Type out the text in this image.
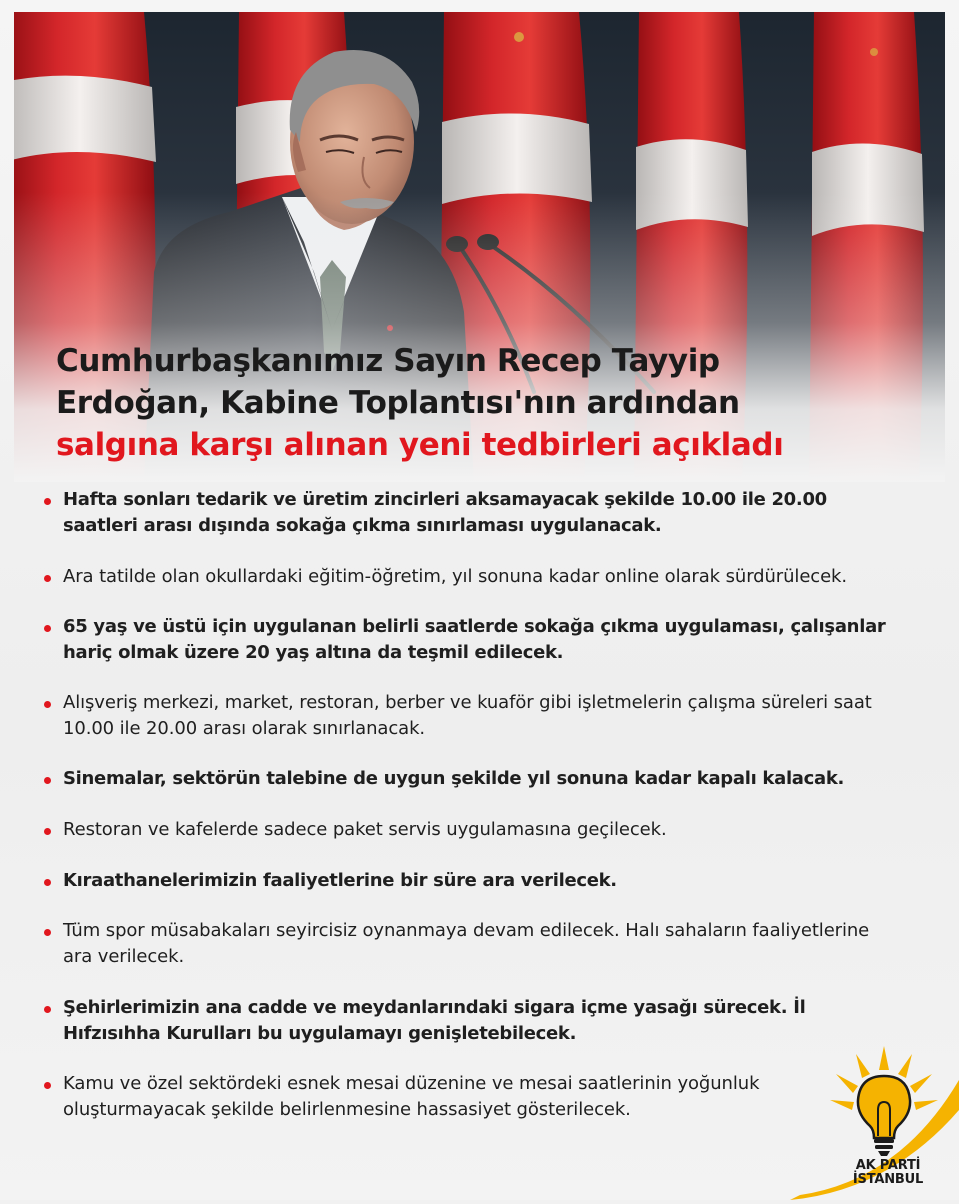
Cumhurbaşkanımız Sayın Recep Tayyip
Erdoğan, Kabine Toplantısı'nın ardından
salgına karşı alınan yeni tedbirleri açıkladı
Hafta sonları tedarik ve üretim zincirleri aksamayacak şekilde 10.00 ile 20.00 saatleri arası dışında sokağa çıkma sınırlaması uygulanacak.
Ara tatilde olan okullardaki eğitim-öğretim, yıl sonuna kadar online olarak sürdürülecek.
65 yaş ve üstü için uygulanan belirli saatlerde sokağa çıkma uygulaması, çalışanlar hariç olmak üzere 20 yaş altına da teşmil edilecek.
Alışveriş merkezi, market, restoran, berber ve kuaför gibi işletmelerin çalışma süreleri saat 10.00 ile 20.00 arası olarak sınırlanacak.
Sinemalar, sektörün talebine de uygun şekilde yıl sonuna kadar kapalı kalacak.
Restoran ve kafelerde sadece paket servis uygulamasına geçilecek.
Kıraathanelerimizin faaliyetlerine bir süre ara verilecek.
Tüm spor müsabakaları seyircisiz oynanmaya devam edilecek. Halı sahaların faaliyetlerine ara verilecek.
Şehirlerimizin ana cadde ve meydanlarındaki sigara içme yasağı sürecek. İl Hıfzısıhha Kurulları bu uygulamayı genişletebilecek.
Kamu ve özel sektördeki esnek mesai düzenine ve mesai saatlerinin yoğunluk oluşturmayacak şekilde belirlenmesine hassasiyet gösterilecek.
AK PARTİ
İSTANBUL
